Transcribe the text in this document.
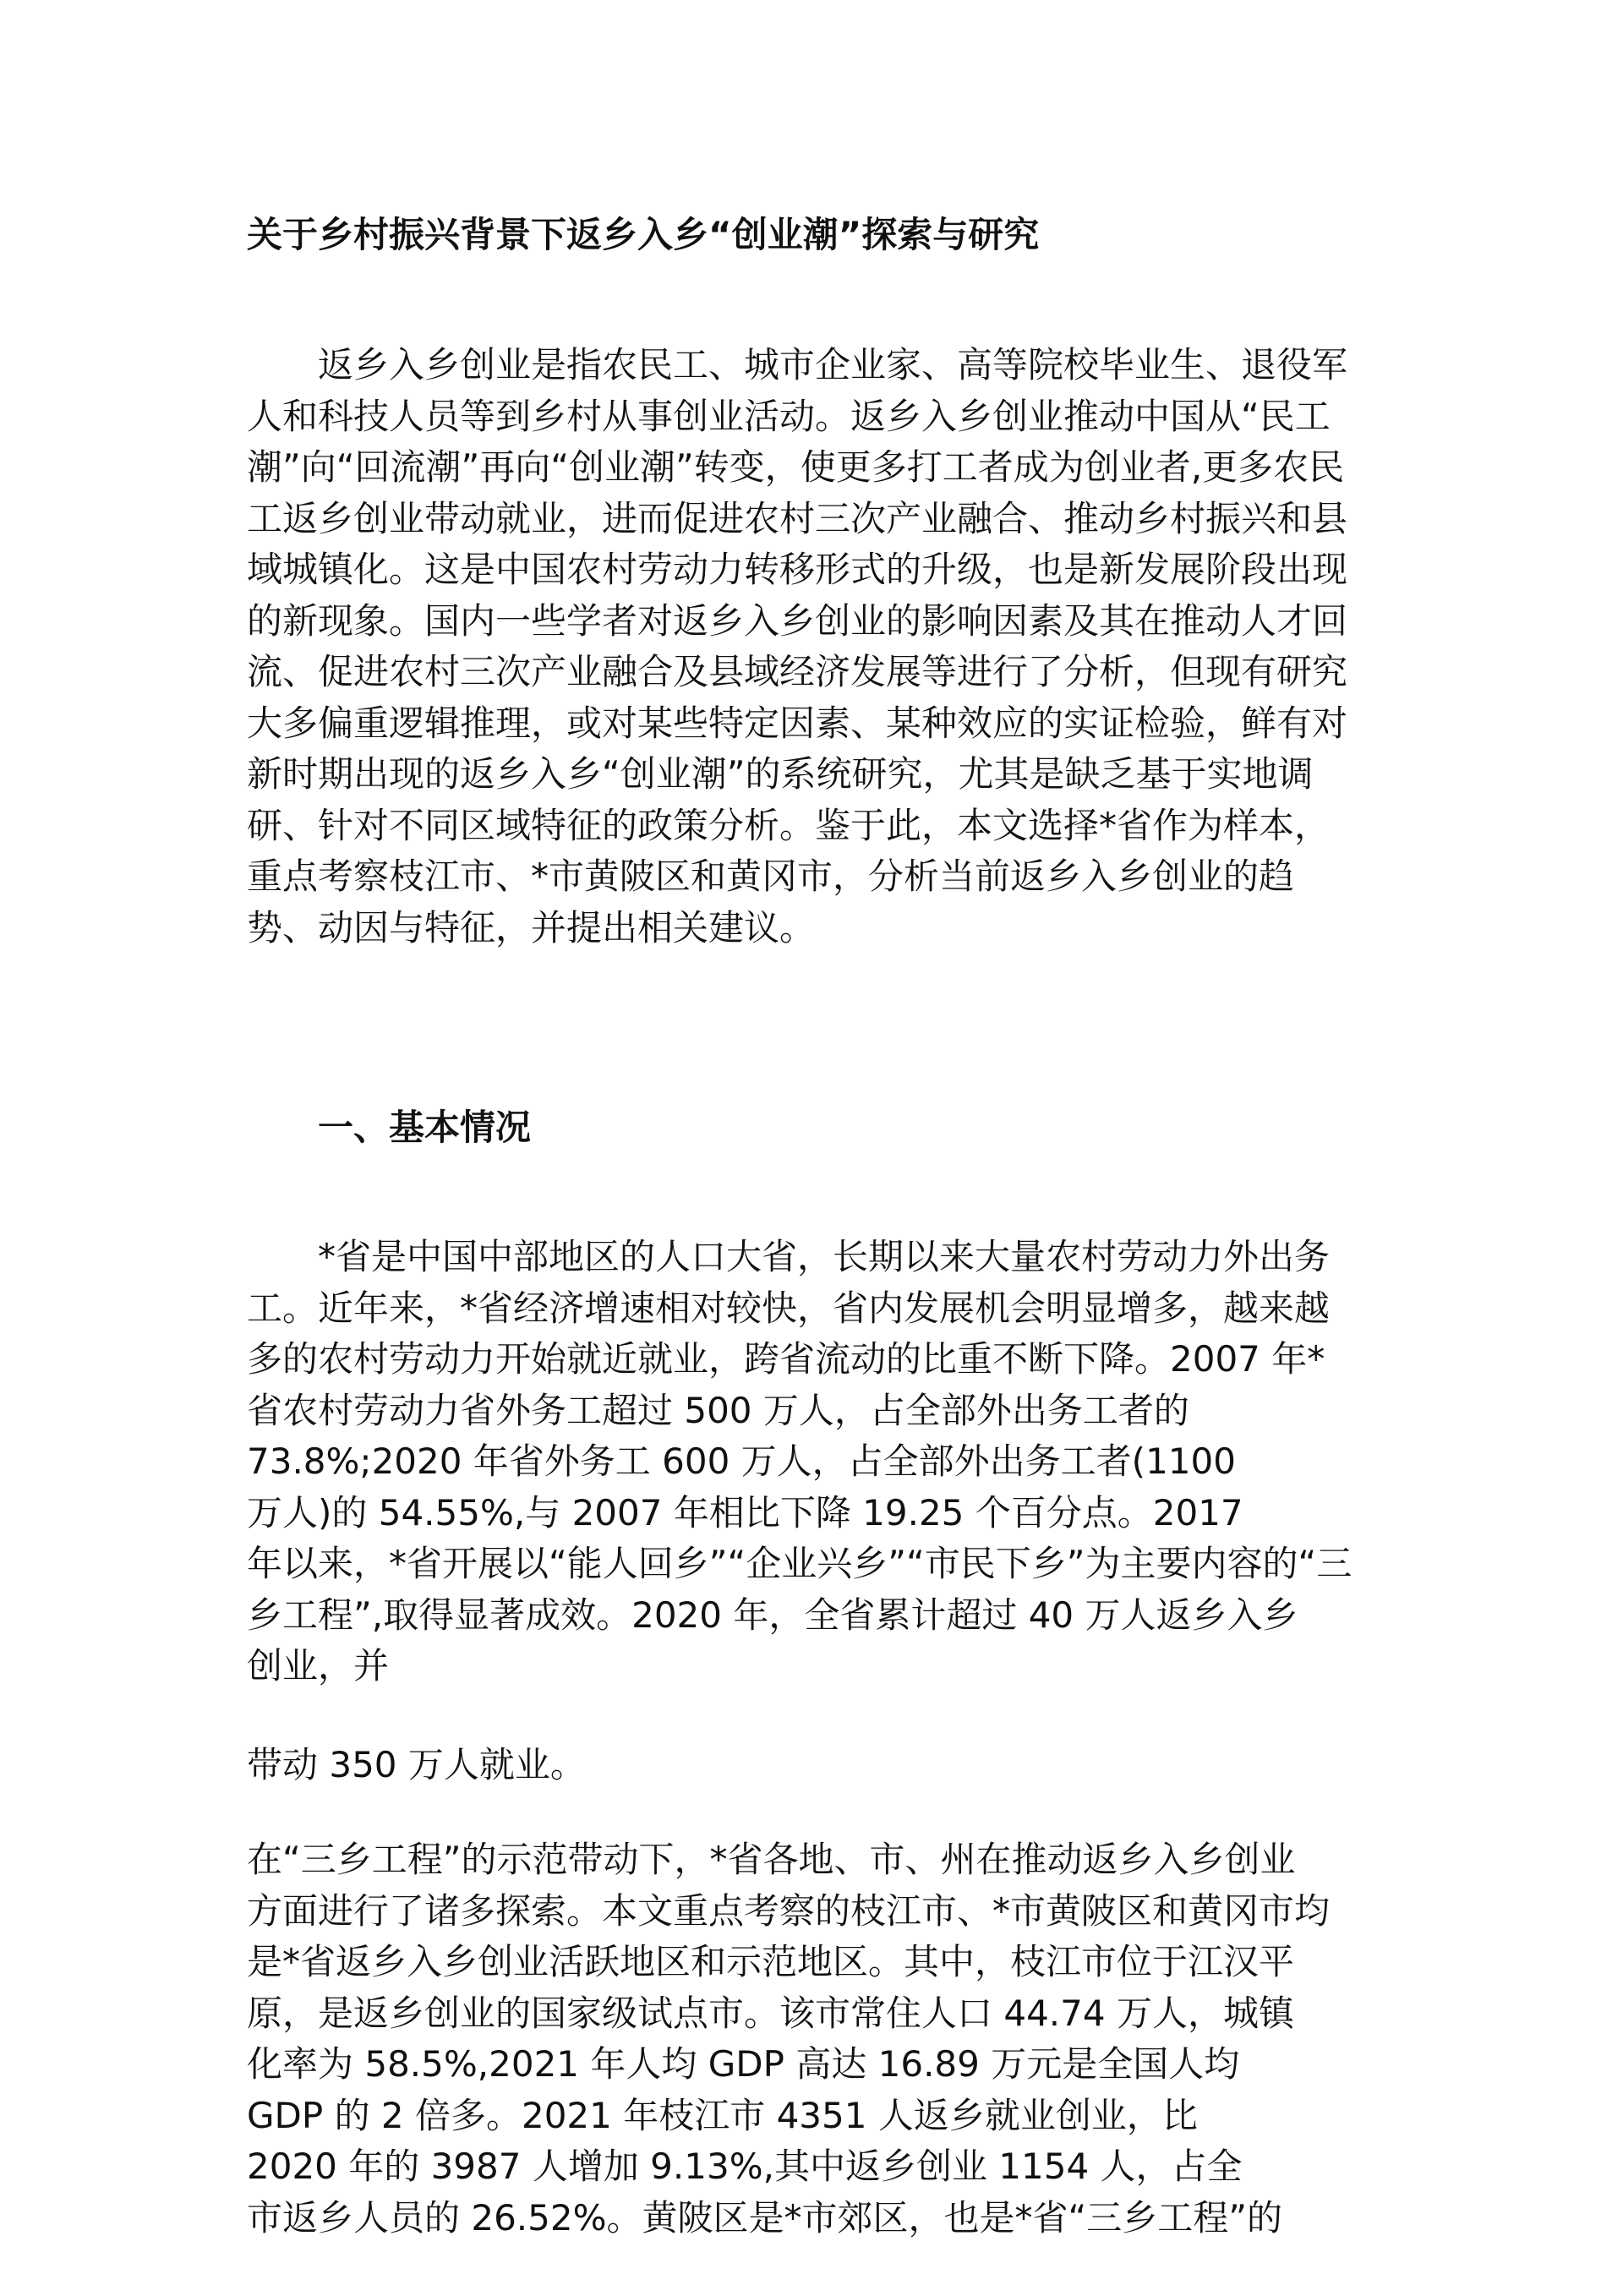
关于乡村振兴背景下返乡入乡“创业潮”探索与研究
返乡入乡创业是指农民工、城市企业家、高等院校毕业生、退役军
人和科技人员等到乡村从事创业活动。返乡入乡创业推动中国从“民工
潮”向“回流潮”再向“创业潮”转变，使更多打工者成为创业者,更多农民
工返乡创业带动就业，进而促进农村三次产业融合、推动乡村振兴和县
域城镇化。这是中国农村劳动力转移形式的升级，也是新发展阶段出现
的新现象。国内一些学者对返乡入乡创业的影响因素及其在推动人才回
流、促进农村三次产业融合及县域经济发展等进行了分析，但现有研究
大多偏重逻辑推理，或对某些特定因素、某种效应的实证检验，鲜有对
新时期出现的返乡入乡“创业潮”的系统研究，尤其是缺乏基于实地调
研、针对不同区域特征的政策分析。鉴于此，本文选择*省作为样本，
重点考察枝江市、*市黄陂区和黄冈市，分析当前返乡入乡创业的趋
势、动因与特征，并提出相关建议。
一、基本情况
*省是中国中部地区的人口大省，长期以来大量农村劳动力外出务
工。近年来，*省经济增速相对较快，省内发展机会明显增多，越来越
多的农村劳动力开始就近就业，跨省流动的比重不断下降。2007 年*
省农村劳动力省外务工超过 500 万人，占全部外出务工者的
73.8%;2020 年省外务工 600 万人，占全部外出务工者(1100
万人)的 54.55%,与 2007 年相比下降 19.25 个百分点。2017
年以来，*省开展以“能人回乡”“企业兴乡”“市民下乡”为主要内容的“三
乡工程”,取得显著成效。2020 年，全省累计超过 40 万人返乡入乡
创业，并
带动 350 万人就业。
在“三乡工程”的示范带动下，*省各地、市、州在推动返乡入乡创业
方面进行了诸多探索。本文重点考察的枝江市、*市黄陂区和黄冈市均
是*省返乡入乡创业活跃地区和示范地区。其中，枝江市位于江汉平
原，是返乡创业的国家级试点市。该市常住人口 44.74 万人，城镇
化率为 58.5%,2021 年人均 GDP 高达 16.89 万元是全国人均
GDP 的 2 倍多。2021 年枝江市 4351 人返乡就业创业，比
2020 年的 3987 人增加 9.13%,其中返乡创业 1154 人，占全
市返乡人员的 26.52%。黄陂区是*市郊区，也是*省“三乡工程”的
